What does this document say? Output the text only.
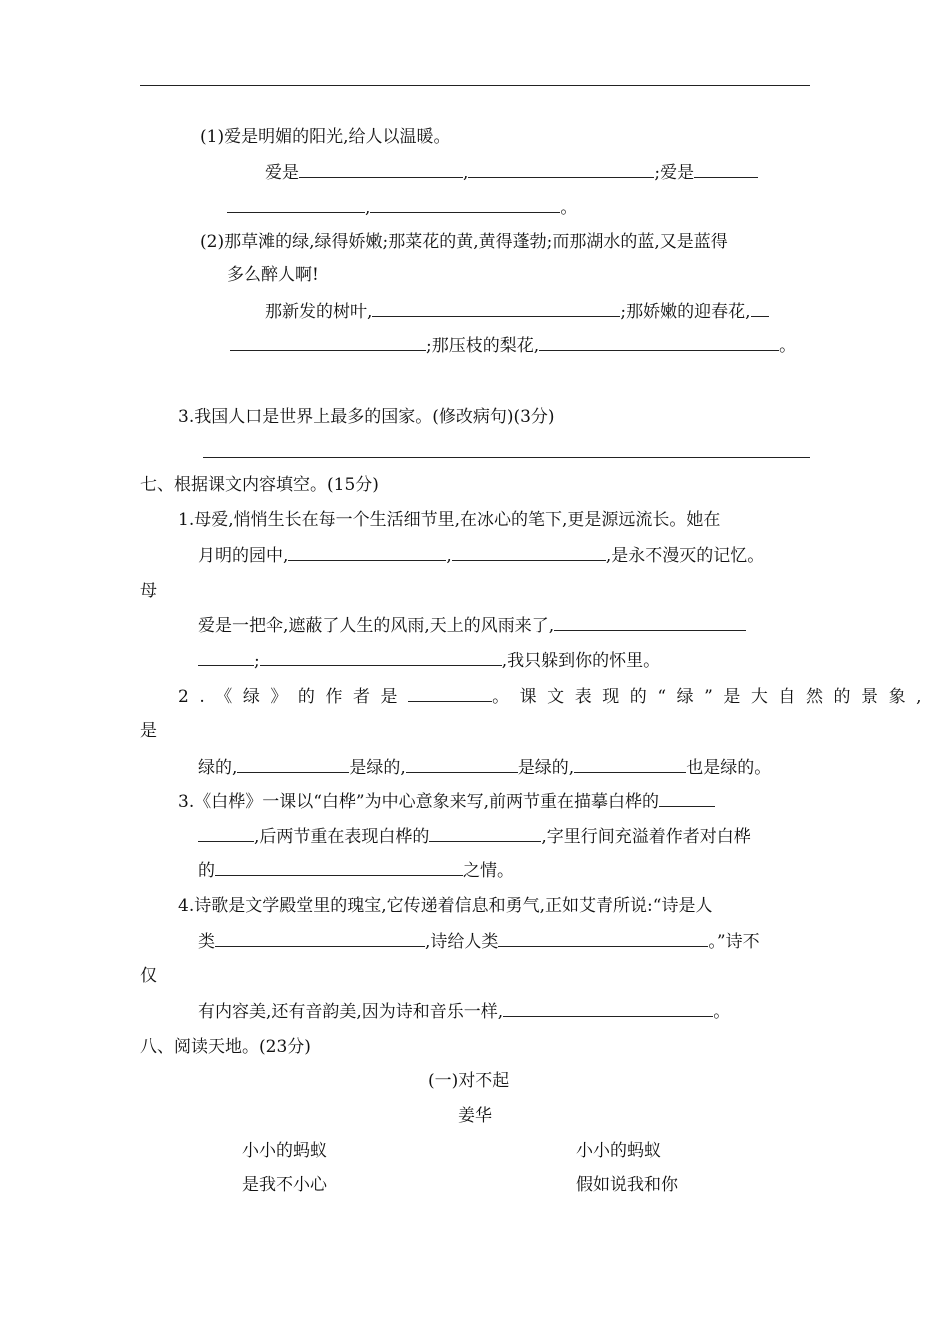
(1)爱是明媚的阳光,给人以温暖。
爱是	,	;爱是
,	。
(2)那草滩的绿,绿得娇嫩;那菜花的黄,黄得蓬勃;而那湖水的蓝,又是蓝得
多么醉人啊!
那新发的树叶,	;那娇嫩的迎春花,
;那压枝的梨花,	。
3.我国人口是世界上最多的国家。(修改病句)(3分)
七、根据课文内容填空。(15分)
1.母爱,悄悄生长在每一个生活细节里,在冰心的笔下,更是源远流长。她在
月明的园中,	,	,是永不漫灭的记忆。
母
爱是一把伞,遮蔽了人生的风雨,天上的风雨来了,
;	,我只躲到你的怀里。
2.《绿》的作者是	。课文表现的“绿”是大自然的景象,
是
绿的,	是绿的,	是绿的,	也是绿的。
3.《白桦》一课以“白桦”为中心意象来写,前两节重在描摹白桦的
,后两节重在表现白桦的	,字里行间充溢着作者对白桦
的	之情。
4.诗歌是文学殿堂里的瑰宝,它传递着信息和勇气,正如艾青所说:“诗是人
类	,诗给人类	。”诗不
仅
有内容美,还有音韵美,因为诗和音乐一样,	。
八、阅读天地。(23分)
(一)对不起
姜华
小小的蚂蚁
是我不小心
小小的蚂蚁
假如说我和你
